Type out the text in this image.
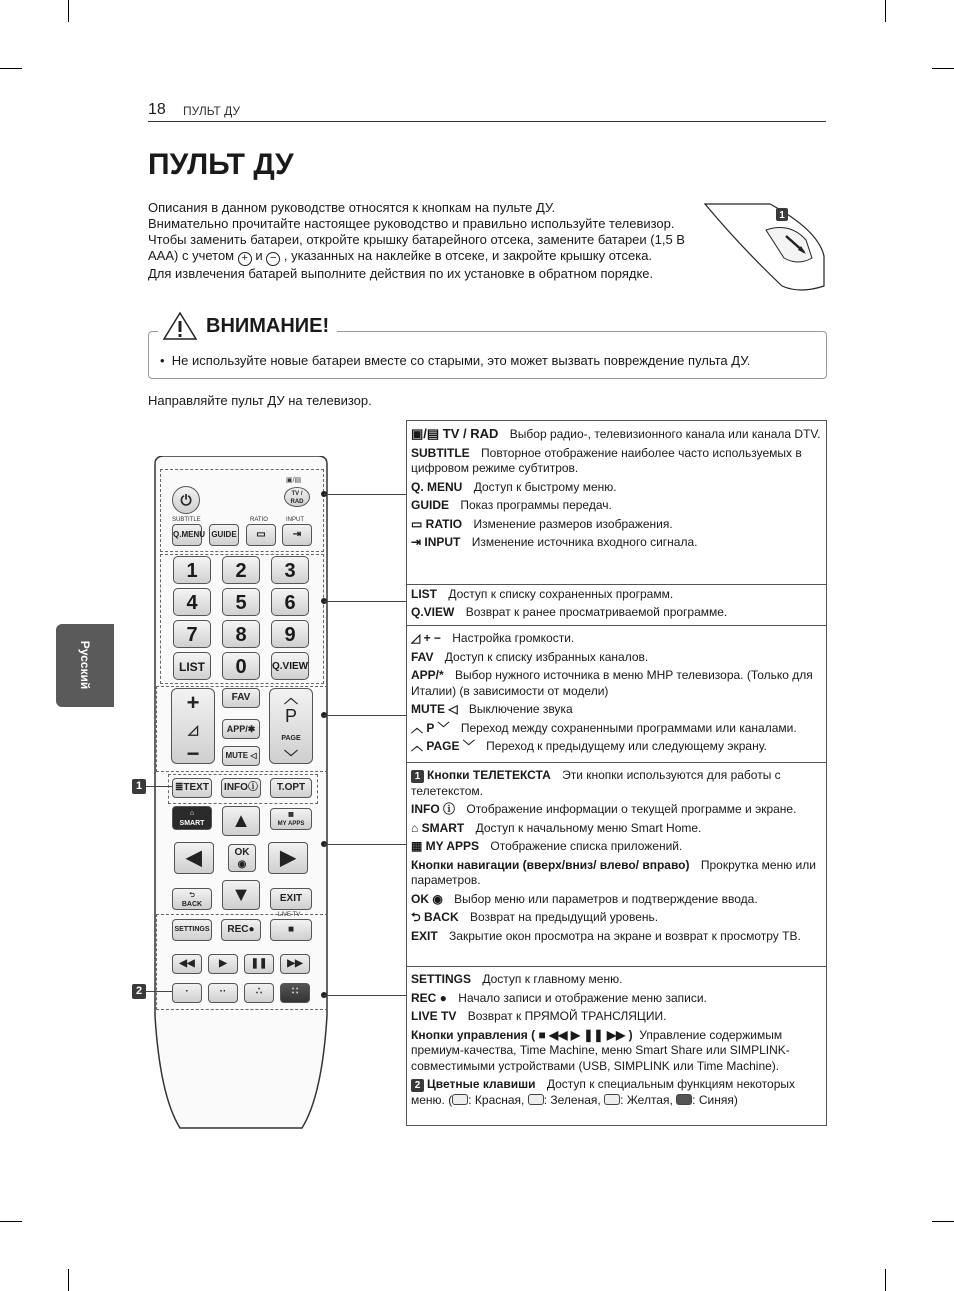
18 ПУЛЬТ ДУ
ПУЛЬТ ДУ
Русский
Описания в данном руководстве относятся к кнопкам на пульте ДУ.
Внимательно прочитайте настоящее руководство и правильно используйте телевизор.
Чтобы заменить батареи, откройте крышку батарейного отсека, замените батареи (1,5 В
AAA) с учетом + и − , указанных на наклейке в отсеке, и закройте крышку отсека.
Для извлечения батарей выполните действия по их установке в обратном порядке.
1
ВНИМАНИЕ!
•  Не используйте новые батареи вместе со старыми, это может вызвать повреждение пульта ДУ.
Направляйте пульт ДУ на телевизор.
⏻
▣/▤
TV / RAD
SUBTITLE	RATIO	INPUT
Q.MENU GUIDE	▭	⇥
1	2	3
4	5	6
7	8	9
LIST	0	Q.VIEW
+
◿
−
FAV
APP/✱
MUTE ◁
︿
P
PAGE
﹀
≣TEXT	INFOⓘ	T.OPT
⌂
SMART
▦
MY APPS
▲
◀	OK
◉	▶
▼
⮌
BACK
EXIT
LIVE TV
SETTINGS	REC●	■
◀◀	▶	❚❚	▶▶
·	··	∴	∷
1
2
▣/▤ TV / RAD Выбор радио-, телевизионного канала или канала DTV.
SUBTITLE Повторное отображение наиболее часто используемых в цифровом режиме субтитров.
Q. MENU Доступ к быстрому меню.
GUIDE Показ программы передач.
▭ RATIO Изменение размеров изображения.
⇥ INPUT Изменение источника входного сигнала.
LIST Доступ к списку сохраненных программ.
Q.VIEW Возврат к ранее просматриваемой программе.
◿ + − Настройка громкости.
FAV Доступ к списку избранных каналов.
APP/* Выбор нужного источника в меню MHP телевизора. (Только для Италии) (в зависимости от модели)
MUTE ◁ Выключение звука
︿ P ﹀ Переход между сохраненными программами или каналами.
︿ PAGE ﹀ Переход к предыдущему или следующему экрану.
1 Кнопки ТЕЛЕТЕКСТА Эти кнопки используются для работы с телетекстом.
INFO ⓘ Отображение информации о текущей программе и экране.
⌂ SMART Доступ к начальному меню Smart Home.
▦ MY APPS Отображение списка приложений.
Кнопки навигации (вверх/вниз/ влево/ вправо) Прокрутка меню или параметров.
OK ◉ Выбор меню или параметров и подтверждение ввода.
⮌ BACK Возврат на предыдущий уровень.
EXIT Закрытие окон просмотра на экране и возврат к просмотру ТВ.
SETTINGS Доступ к главному меню.
REC ● Начало записи и отображение меню записи.
LIVE TV Возврат к ПРЯМОЙ ТРАНСЛЯЦИИ.
Кнопки управления ( ■ ◀◀ ▶ ❚❚ ▶▶ ) Управление содержимым премиум-качества, Time Machine, меню Smart Share или SIMPLINK-совместимыми устройствами (USB, SIMPLINK или Time Machine).
2 Цветные клавиши Доступ к специальным функциям некоторых меню. ( : Красная, : Зеленая, : Желтая, : Синяя)
